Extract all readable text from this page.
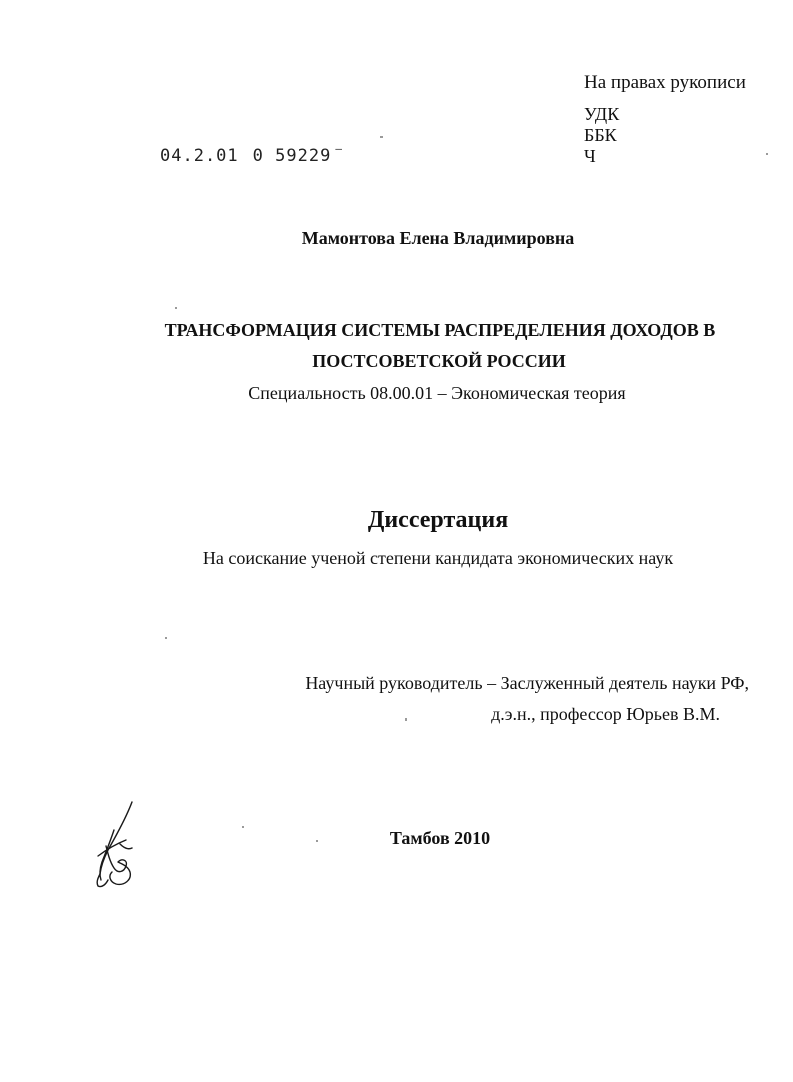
На правах рукописи
УДК
ББК
Ч
04.2.01 0 59229 –
Мамонтова Елена Владимировна
ТРАНСФОРМАЦИЯ СИСТЕМЫ РАСПРЕДЕЛЕНИЯ ДОХОДОВ В
ПОСТСОВЕТСКОЙ РОССИИ
Специальность 08.00.01 – Экономическая теория
Диссертация
На соискание ученой степени кандидата экономических наук
Научный руководитель – Заслуженный деятель науки РФ,
д.э.н., профессор Юрьев В.М.
Тамбов 2010
